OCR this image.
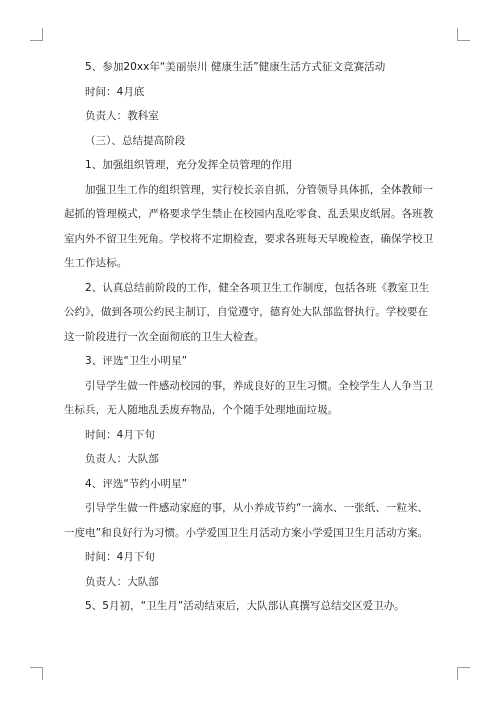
5、参加20xx年“美丽崇川 健康生活”健康生活方式征文竞赛活动

时间：4月底

负责人：教科室

（三）、总结提高阶段

1、加强组织管理，充分发挥全员管理的作用

加强卫生工作的组织管理，实行校长亲自抓，分管领导具体抓，全体教师一起抓的管理模式，严格要求学生禁止在校园内乱吃零食、乱丢果皮纸屑。各班教室内外不留卫生死角。学校将不定期检查，要求各班每天早晚检查，确保学校卫生工作达标。

2、认真总结前阶段的工作，健全各项卫生工作制度，包括各班《教室卫生公约》，做到各项公约民主制订，自觉遵守，德育处大队部监督执行。学校要在这一阶段进行一次全面彻底的卫生大检查。

3、评选“卫生小明星”

引导学生做一件感动校园的事，养成良好的卫生习惯。全校学生人人争当卫生标兵，无人随地乱丢废弃物品，个个随手处理地面垃圾。

时间：4月下旬

负责人：大队部

4、评选“节约小明星”

引导学生做一件感动家庭的事，从小养成节约“一滴水、一张纸、一粒米、一度电”和良好行为习惯。小学爱国卫生月活动方案小学爱国卫生月活动方案。

时间：4月下旬

负责人：大队部

5、5月初，“卫生月”活动结束后，大队部认真撰写总结交区爱卫办。
